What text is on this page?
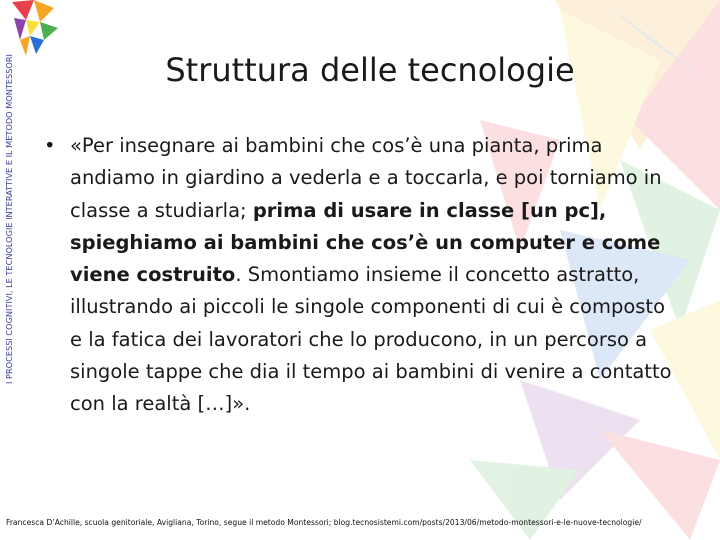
I PROCESSI COGNITIVI, LE TECNOLOGIE INTERATTIVE E IL METODO MONTESSORI	Struttura delle tecnologie
• «Per insegnare ai bambini che cos’è una pianta, prima andiamo in giardino a vederla e a toccarla, e poi torniamo in classe a studiarla; prima di usare in classe [un pc], spieghiamo ai bambini che cos’è un computer e come viene costruito. Smontiamo insieme il concetto astratto, illustrando ai piccoli le singole componenti di cui è composto e la fatica dei lavoratori che lo producono, in un percorso a singole tappe che dia il tempo ai bambini di venire a contatto con la realtà […]».

Francesca D’Achille, scuola genitoriale, Avigliana, Torino, segue il metodo Montessori; blog.tecnosistemi.com/posts/2013/06/metodo-montessori-e-le-nuove-tecnologie/
